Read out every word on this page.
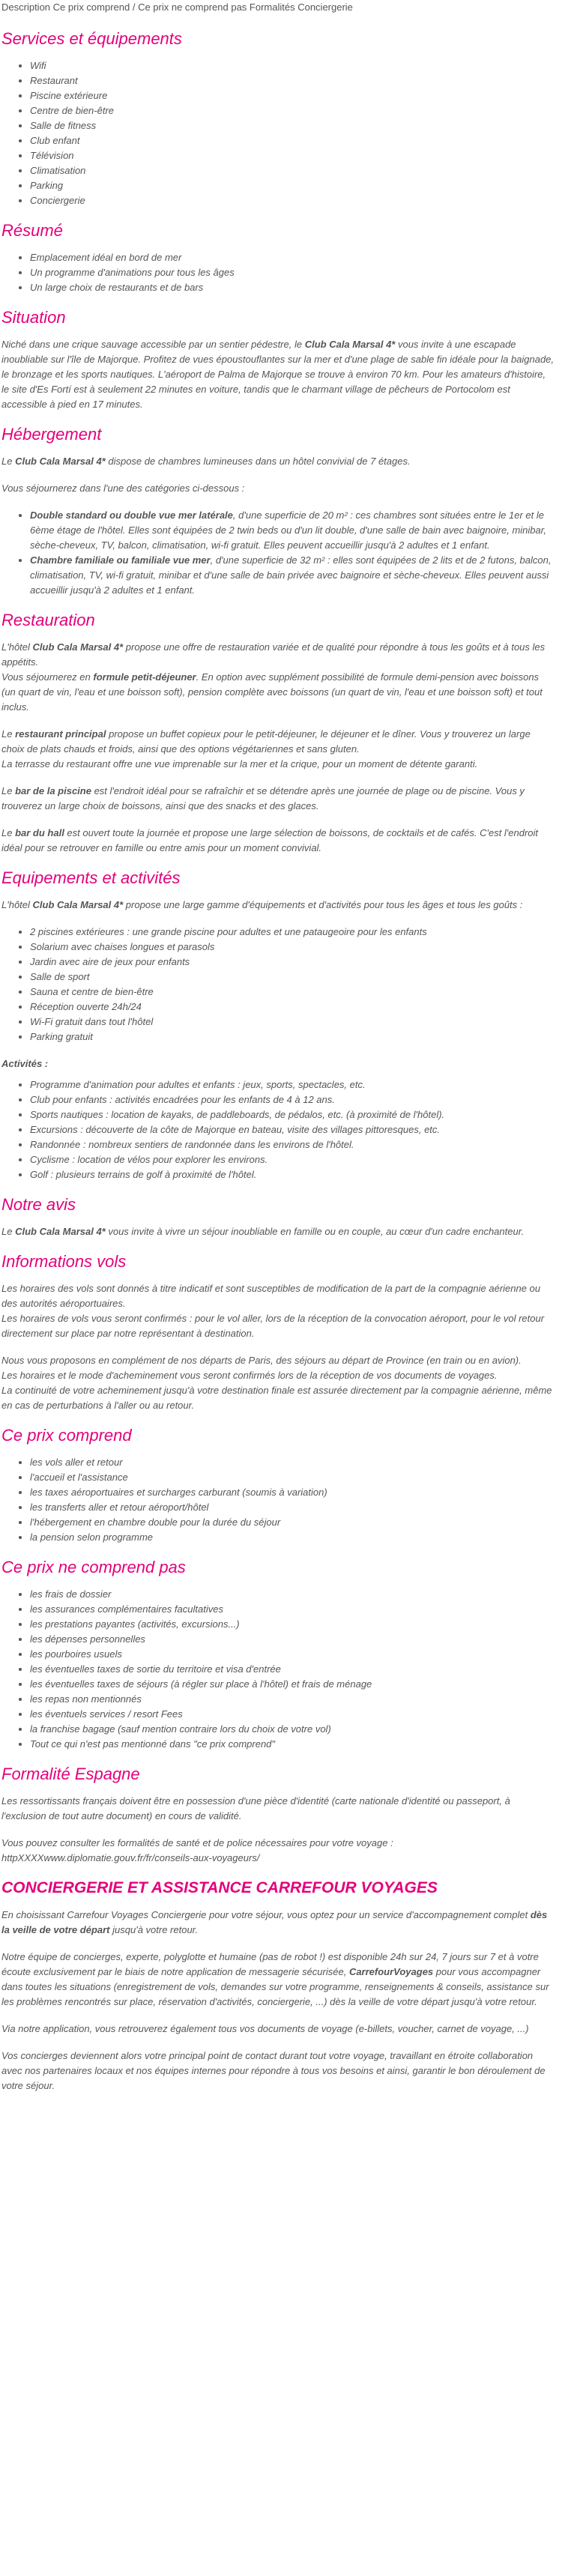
Description Ce prix comprend / Ce prix ne comprend pas Formalités Conciergerie
Services et équipements
• Wifi
• Restaurant
• Piscine extérieure
• Centre de bien-être
• Salle de fitness
• Club enfant
• Télévision
• Climatisation
• Parking
• Conciergerie
Résumé
• Emplacement idéal en bord de mer
• Un programme d'animations pour tous les âges
• Un large choix de restaurants et de bars
Situation

Niché dans une crique sauvage accessible par un sentier pédestre, le Club Cala Marsal 4* vous invite à une escapade inoubliable sur l'île de Majorque. Profitez de vues époustouflantes sur la mer et d'une plage de sable fin idéale pour la baignade, le bronzage et les sports nautiques. L'aéroport de Palma de Majorque se trouve à environ 70 km. Pour les amateurs d'histoire, le site d'Es Fortí est à seulement 22 minutes en voiture, tandis que le charmant village de pêcheurs de Portocolom est accessible à pied en 17 minutes.

Hébergement

Le Club Cala Marsal 4* dispose de chambres lumineuses dans un hôtel convivial de 7 étages.

Vous séjournerez dans l'une des catégories ci-dessous :

• Double standard ou double vue mer latérale, d'une superficie de 20 m² : ces chambres sont situées entre le 1er et le 6ème étage de l'hôtel. Elles sont équipées de 2 twin beds ou d'un lit double, d'une salle de bain avec baignoire, minibar, sèche-cheveux, TV, balcon, climatisation, wi-fi gratuit. Elles peuvent accueillir jusqu'à 2 adultes et 1 enfant.
• Chambre familiale ou familiale vue mer, d'une superficie de 32 m² : elles sont équipées de 2 lits et de 2 futons, balcon, climatisation, TV, wi-fi gratuit, minibar et d'une salle de bain privée avec baignoire et sèche-cheveux. Elles peuvent aussi accueillir jusqu'à 2 adultes et 1 enfant.
Restauration

L'hôtel Club Cala Marsal 4* propose une offre de restauration variée et de qualité pour répondre à tous les goûts et à tous les appétits.
Vous séjournerez en formule petit-déjeuner. En option avec supplément possibilité de formule demi-pension avec boissons (un quart de vin, l'eau et une boisson soft), pension complète avec boissons (un quart de vin, l'eau et une boisson soft) et tout inclus.

Le restaurant principal propose un buffet copieux pour le petit-déjeuner, le déjeuner et le dîner. Vous y trouverez un large choix de plats chauds et froids, ainsi que des options végétariennes et sans gluten.
La terrasse du restaurant offre une vue imprenable sur la mer et la crique, pour un moment de détente garanti.

Le bar de la piscine est l'endroit idéal pour se rafraîchir et se détendre après une journée de plage ou de piscine. Vous y trouverez un large choix de boissons, ainsi que des snacks et des glaces.

Le bar du hall est ouvert toute la journée et propose une large sélection de boissons, de cocktails et de cafés. C'est l'endroit idéal pour se retrouver en famille ou entre amis pour un moment convivial.

Equipements et activités

L'hôtel Club Cala Marsal 4* propose une large gamme d'équipements et d'activités pour tous les âges et tous les goûts :

• 2 piscines extérieures : une grande piscine pour adultes et une pataugeoire pour les enfants
• Solarium avec chaises longues et parasols
• Jardin avec aire de jeux pour enfants
• Salle de sport
• Sauna et centre de bien-être
• Réception ouverte 24h/24
• Wi-Fi gratuit dans tout l'hôtel
• Parking gratuit
Activités :
• Programme d'animation pour adultes et enfants : jeux, sports, spectacles, etc.
• Club pour enfants : activités encadrées pour les enfants de 4 à 12 ans.
• Sports nautiques : location de kayaks, de paddleboards, de pédalos, etc. (à proximité de l'hôtel).
• Excursions : découverte de la côte de Majorque en bateau, visite des villages pittoresques, etc.
• Randonnée : nombreux sentiers de randonnée dans les environs de l'hôtel.
• Cyclisme : location de vélos pour explorer les environs.
• Golf : plusieurs terrains de golf à proximité de l'hôtel.
Notre avis

Le Club Cala Marsal 4* vous invite à vivre un séjour inoubliable en famille ou en couple, au cœur d'un cadre enchanteur.

Informations vols

Les horaires des vols sont donnés à titre indicatif et sont susceptibles de modification de la part de la compagnie aérienne ou des autorités aéroportuaires.
Les horaires de vols vous seront confirmés : pour le vol aller, lors de la réception de la convocation aéroport, pour le vol retour directement sur place par notre représentant à destination.

Nous vous proposons en complément de nos départs de Paris, des séjours au départ de Province (en train ou en avion).
Les horaires et le mode d'acheminement vous seront confirmés lors de la réception de vos documents de voyages.
La continuité de votre acheminement jusqu'à votre destination finale est assurée directement par la compagnie aérienne, même en cas de perturbations à l'aller ou au retour.

Ce prix comprend
• les vols aller et retour
• l'accueil et l'assistance
• les taxes aéroportuaires et surcharges carburant (soumis à variation)
• les transferts aller et retour aéroport/hôtel
• l'hébergement en chambre double pour la durée du séjour
• la pension selon programme
Ce prix ne comprend pas
• les frais de dossier
• les assurances complémentaires facultatives
• les prestations payantes (activités, excursions...)
• les dépenses personnelles
• les pourboires usuels
• les éventuelles taxes de sortie du territoire et visa d'entrée
• les éventuelles taxes de séjours (à régler sur place à l'hôtel) et frais de ménage
• les repas non mentionnés
• les éventuels services / resort Fees
• la franchise bagage (sauf mention contraire lors du choix de votre vol)
• Tout ce qui n'est pas mentionné dans "ce prix comprend"
Formalité Espagne

Les ressortissants français doivent être en possession d'une pièce d'identité (carte nationale d'identité ou passeport, à l'exclusion de tout autre document) en cours de validité.

Vous pouvez consulter les formalités de santé et de police nécessaires pour votre voyage :
httpXXXXwww.diplomatie.gouv.fr/fr/conseils-aux-voyageurs/

CONCIERGERIE ET ASSISTANCE CARREFOUR VOYAGES

En choisissant Carrefour Voyages Conciergerie pour votre séjour, vous optez pour un service d'accompagnement complet dès la veille de votre départ jusqu'à votre retour.

Notre équipe de concierges, experte, polyglotte et humaine (pas de robot !) est disponible 24h sur 24, 7 jours sur 7 et à votre écoute exclusivement par le biais de notre application de messagerie sécurisée, CarrefourVoyages pour vous accompagner dans toutes les situations (enregistrement de vols, demandes sur votre programme, renseignements & conseils, assistance sur les problèmes rencontrés sur place, réservation d'activités, conciergerie, ...) dès la veille de votre départ jusqu'à votre retour.

Via notre application, vous retrouverez également tous vos documents de voyage (e-billets, voucher, carnet de voyage, ...)

Vos concierges deviennent alors votre principal point de contact durant tout votre voyage, travaillant en étroite collaboration avec nos partenaires locaux et nos équipes internes pour répondre à tous vos besoins et ainsi, garantir le bon déroulement de votre séjour.
